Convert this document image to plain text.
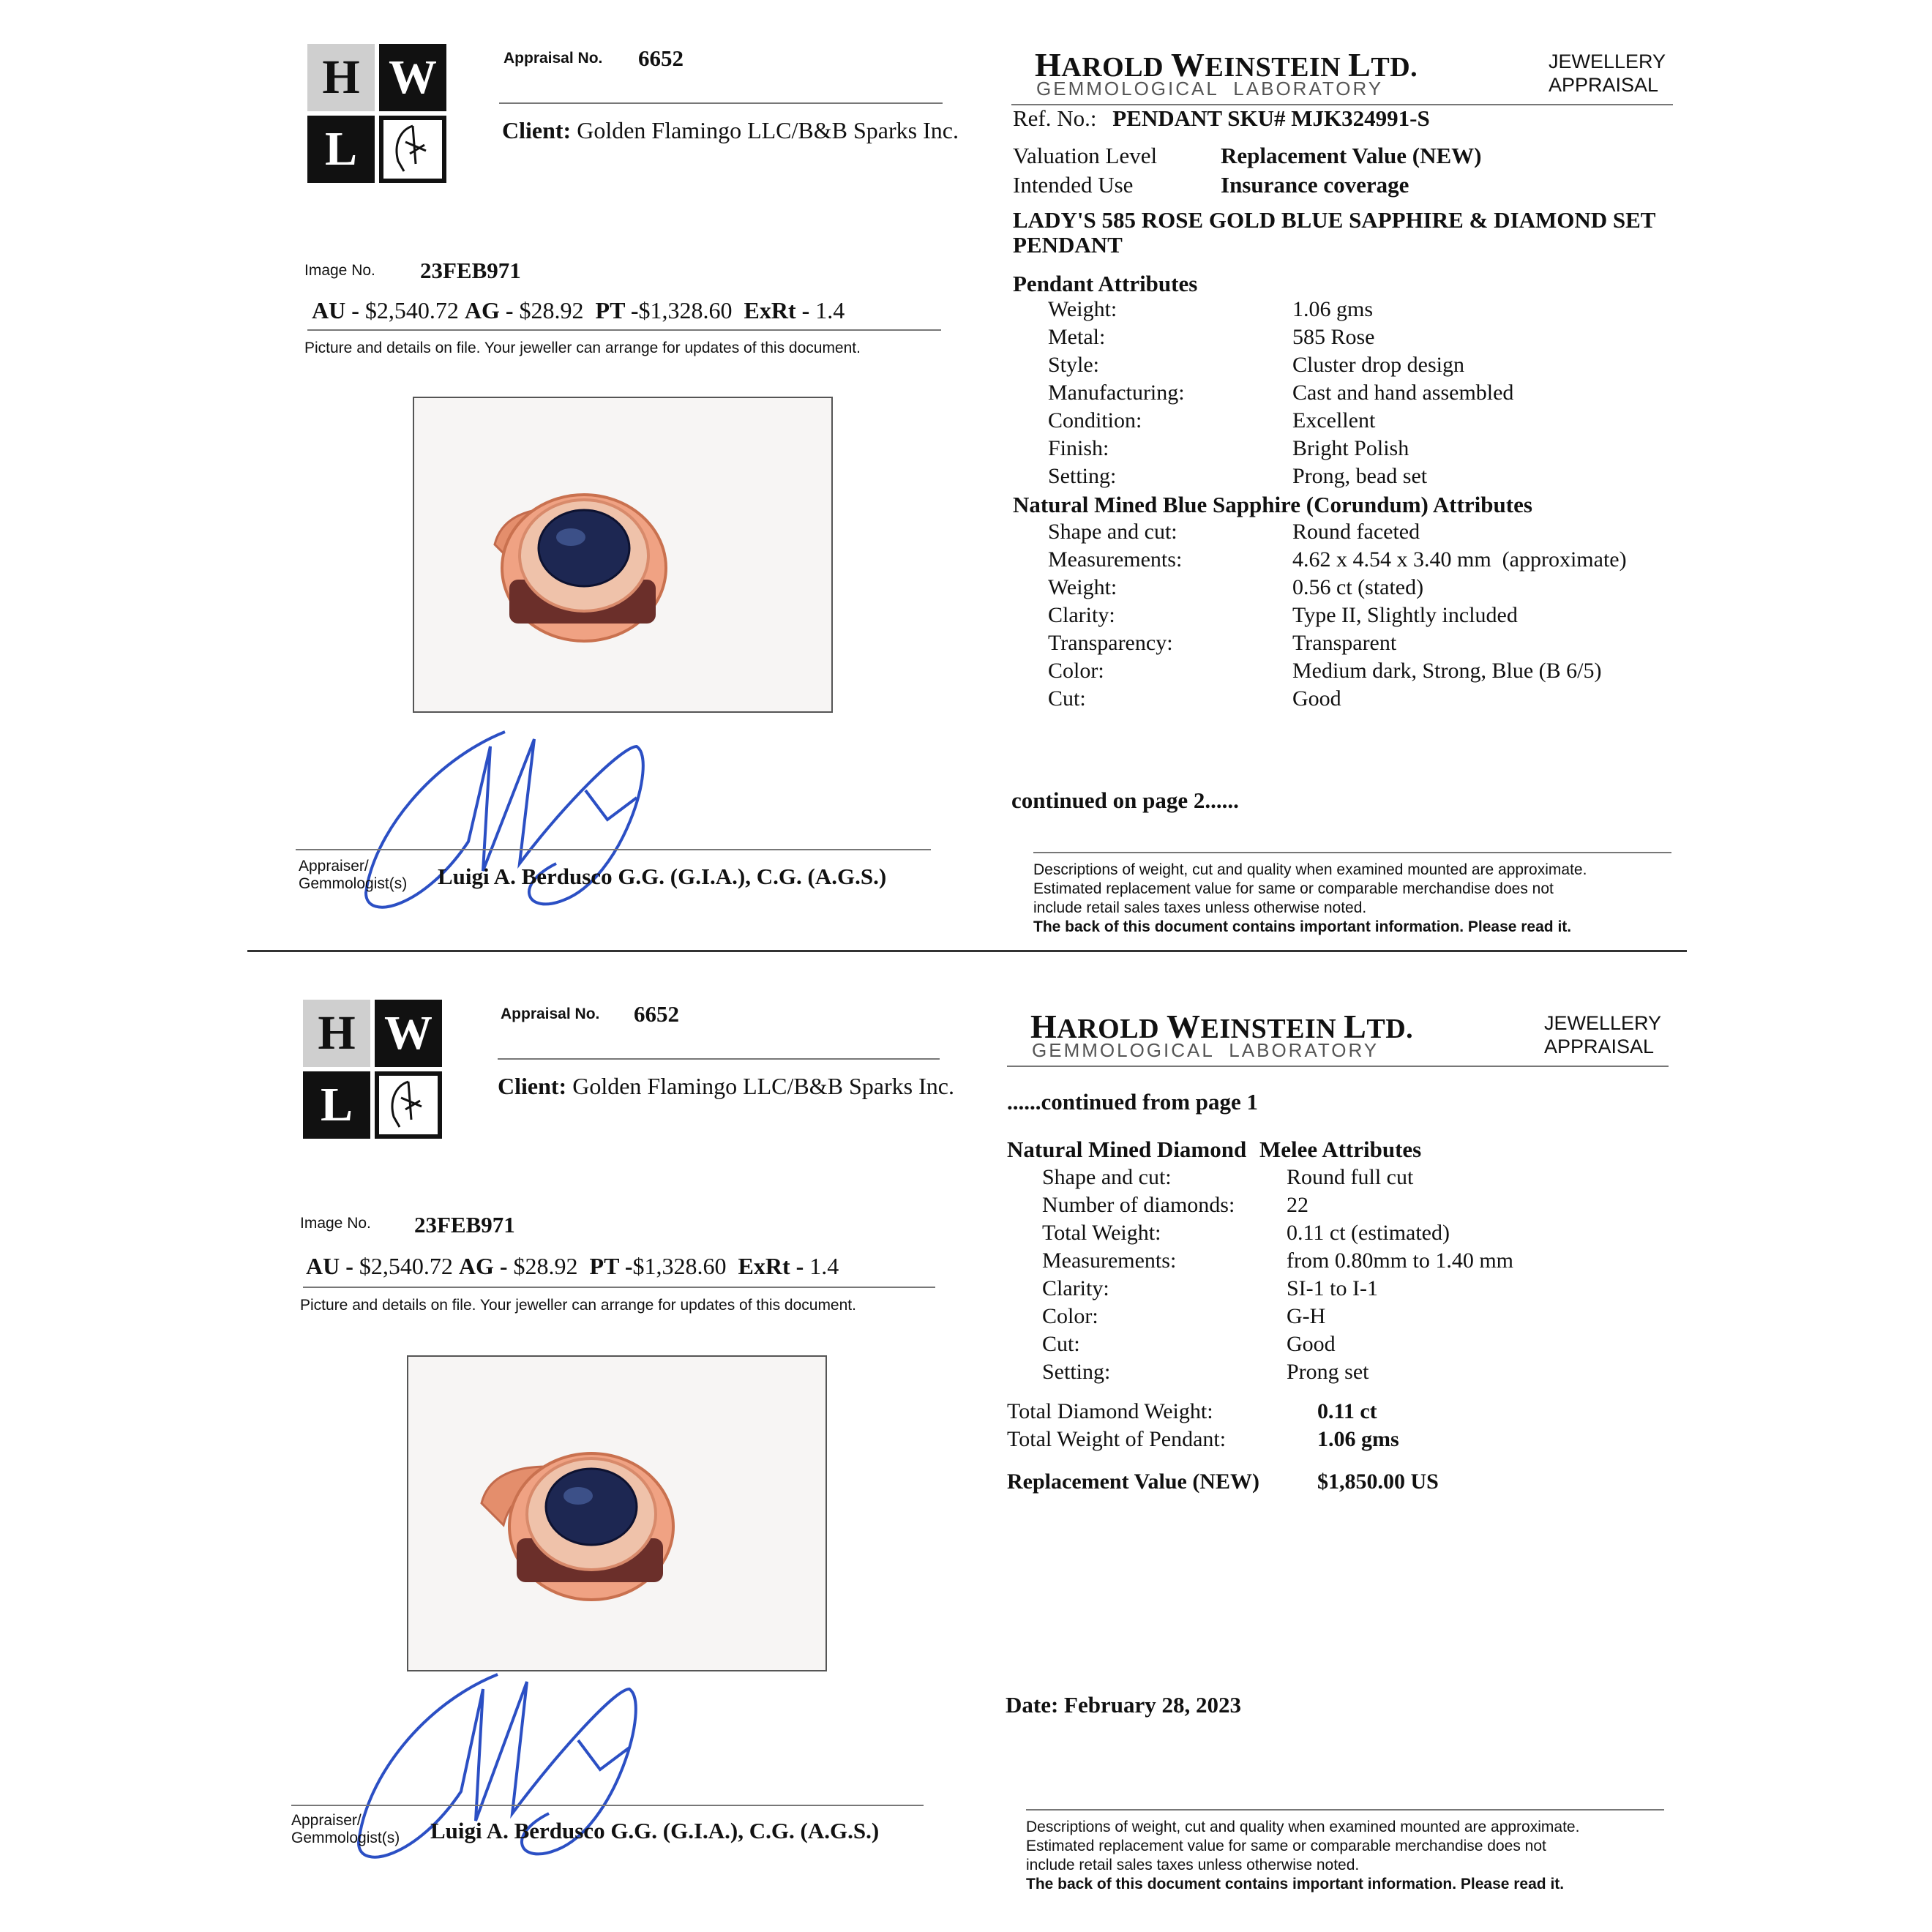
H W
L
Appraisal No. 6652
Client: Golden Flamingo LLC/B&B Sparks Inc.
Image No. 23FEB971
AU - $2,540.72 AG - $28.92 PT -$1,328.60 ExRt - 1.4
Picture and details on file. Your jeweller can arrange for updates of this document.
Appraiser/
Gemmologist(s) Luigi A. Berdusco G.G. (G.I.A.), C.G. (A.G.S.)
HAROLD WEINSTEIN LTD.
GEMMOLOGICAL  LABORATORY
JEWELLERY
APPRAISAL
Ref. No.: PENDANT SKU# MJK324991-S
Valuation Level	Replacement Value (NEW)
Intended Use	Insurance coverage
LADY'S 585 ROSE GOLD BLUE SAPPHIRE & DIAMOND SET
PENDANT
Pendant Attributes
Weight:	1.06 gms
Metal:	585 Rose
Style:	Cluster drop design
Manufacturing:	Cast and hand assembled
Condition:	Excellent
Finish:	Bright Polish
Setting:	Prong, bead set
Natural Mined Blue Sapphire (Corundum) Attributes
Shape and cut:	Round faceted
Measurements:	4.62 x 4.54 x 3.40 mm  (approximate)
Weight:	0.56 ct (stated)
Clarity:	Type II, Slightly included
Transparency:	Transparent
Color:	Medium dark, Strong, Blue (B 6/5)
Cut:	Good
continued on page 2......
Descriptions of weight, cut and quality when examined mounted are approximate.
Estimated replacement value for same or comparable merchandise does not
include retail sales taxes unless otherwise noted.
The back of this document contains important information. Please read it.
H W
L
Appraisal No. 6652
Client: Golden Flamingo LLC/B&B Sparks Inc.
Image No. 23FEB971
AU - $2,540.72 AG - $28.92 PT -$1,328.60 ExRt - 1.4
Picture and details on file. Your jeweller can arrange for updates of this document.
Appraiser/
Gemmologist(s) Luigi A. Berdusco G.G. (G.I.A.), C.G. (A.G.S.)
HAROLD WEINSTEIN LTD.
GEMMOLOGICAL  LABORATORY
JEWELLERY
APPRAISAL
......continued from page 1
Natural Mined Diamond Melee Attributes
Shape and cut:	Round full cut
Number of diamonds: 22
Total Weight:	0.11 ct (estimated)
Measurements:	from 0.80mm to 1.40 mm
Clarity:	SI-1 to I-1
Color:	G-H
Cut:	Good
Setting:	Prong set
Total Diamond Weight:	0.11 ct
Total Weight of Pendant:	1.06 gms
Replacement Value (NEW)	$1,850.00 US
Date: February 28, 2023
Descriptions of weight, cut and quality when examined mounted are approximate.
Estimated replacement value for same or comparable merchandise does not
include retail sales taxes unless otherwise noted.
The back of this document contains important information. Please read it.
